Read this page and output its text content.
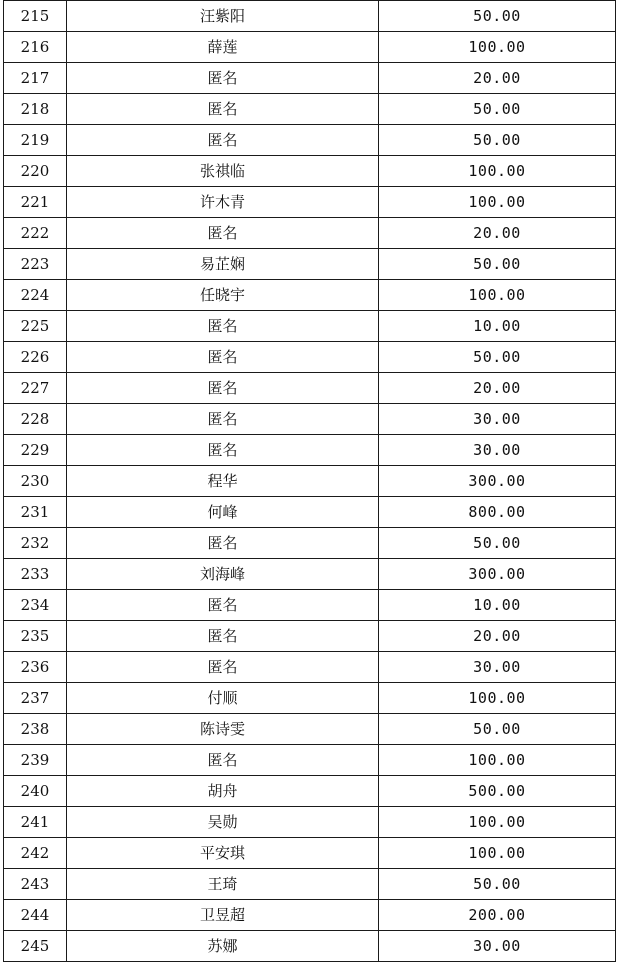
215	汪紫阳	50.00
216	薛莲	100.00
217	匿名	20.00
218	匿名	50.00
219	匿名	50.00
220	张祺临	100.00
221	许木青	100.00
222	匿名	20.00
223	易芷娴	50.00
224	任晓宇	100.00
225	匿名	10.00
226	匿名	50.00
227	匿名	20.00
228	匿名	30.00
229	匿名	30.00
230	程华	300.00
231	何峰	800.00
232	匿名	50.00
233	刘海峰	300.00
234	匿名	10.00
235	匿名	20.00
236	匿名	30.00
237	付顺	100.00
238	陈诗雯	50.00
239	匿名	100.00
240	胡舟	500.00
241	吴勋	100.00
242	平安琪	100.00
243	王琦	50.00
244	卫昱超	200.00
245	苏娜	30.00
